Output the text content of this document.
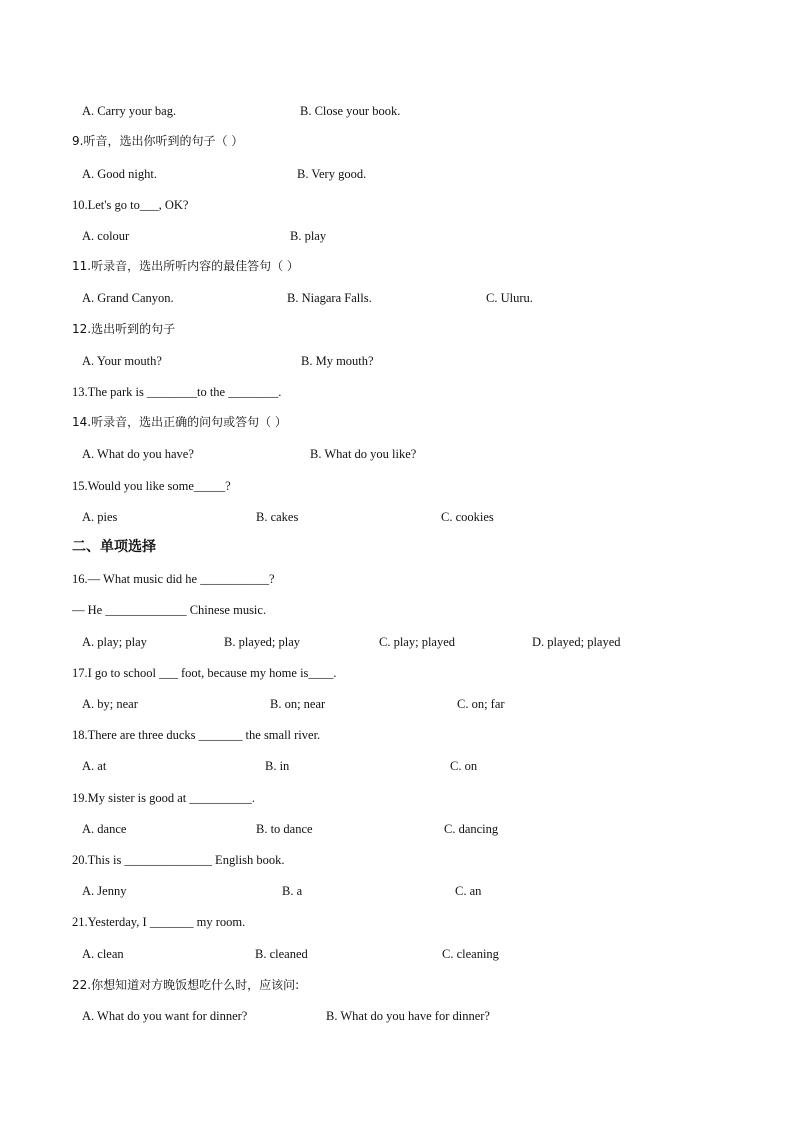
A. Carry your bag.	B. Close your book.
9.听音，选出你听到的句子（ ）
A. Good night.	B. Very good.
10.Let's go to___, OK?
A. colour	B. play
11.听录音，选出所听内容的最佳答句（ ）
A. Grand Canyon.	B. Niagara Falls.	C. Uluru.
12.选出听到的句子
A. Your mouth?	B. My mouth?
13.The park is ________to the ________.
14.听录音，选出正确的问句或答句（ ）
A. What do you have?	B. What do you like?
15.Would you like some_____?
A. pies	B. cakes	C. cookies
二、单项选择
16.— What music did he ___________?
— He _____________ Chinese music.
A. play; play	B. played; play	C. play; played	D. played; played
17.I go to school ___ foot, because my home is____.
A. by; near	B. on; near	C. on; far
18.There are three ducks _______ the small river.
A. at	B. in	C. on
19.My sister is good at __________.
A. dance	B. to dance	C. dancing
20.This is ______________ English book.
A. Jenny	B. a	C. an
21.Yesterday, I _______ my room.
A. clean	B. cleaned	C. cleaning
22.你想知道对方晚饭想吃什么时，应该问:
A. What do you want for dinner?	B. What do you have for dinner?
